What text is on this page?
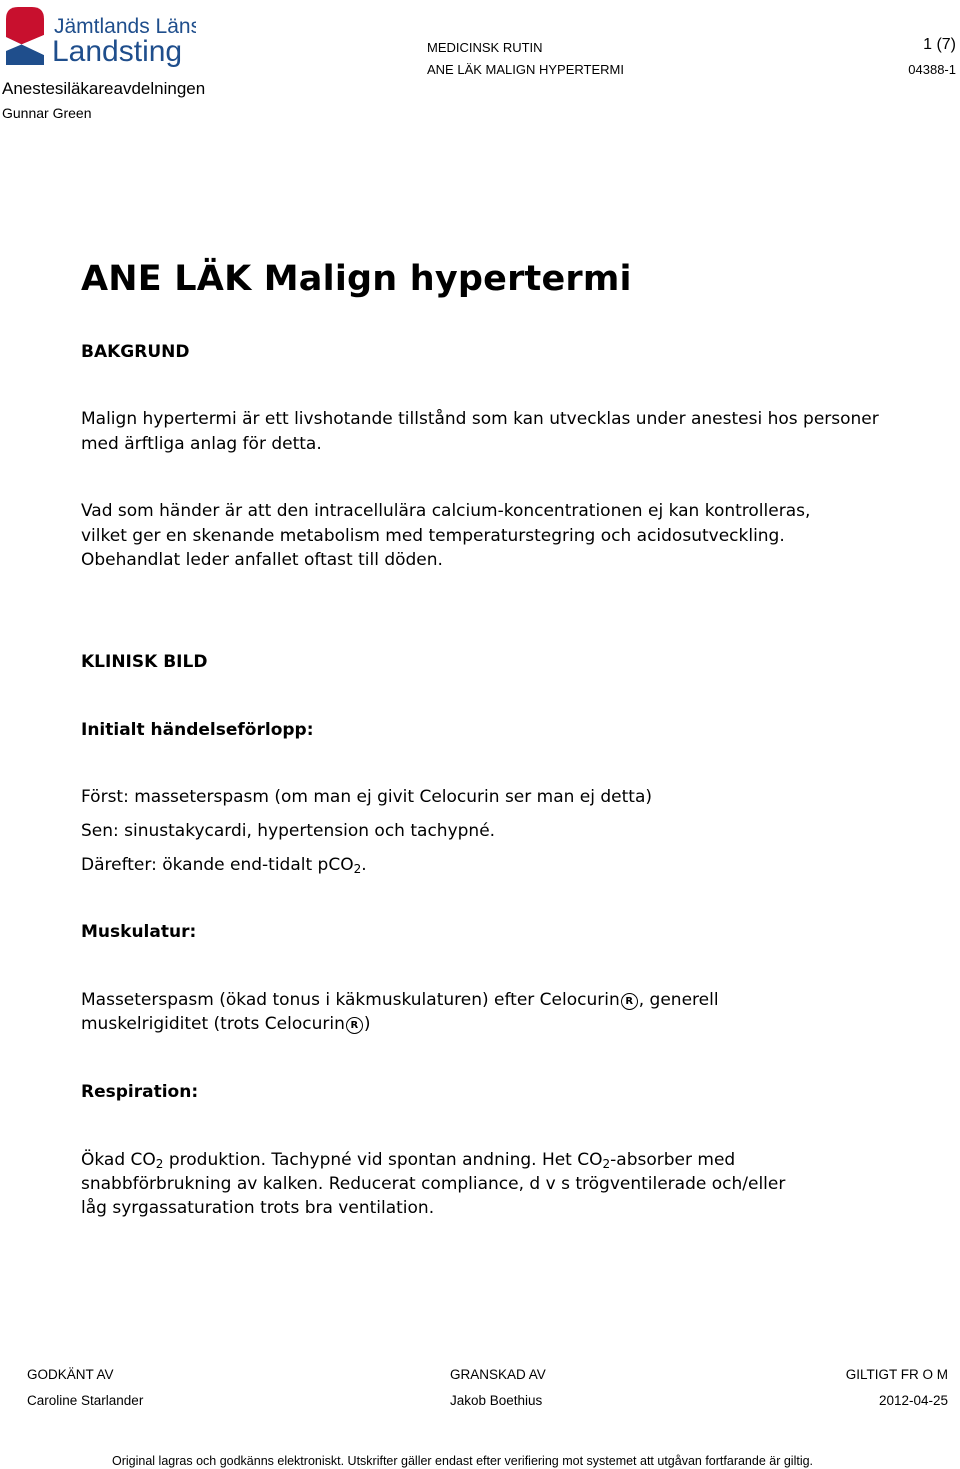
Jämtlands Läns
Landsting
Anestesiläkareavdelningen
Gunnar Green
MEDICINSK RUTIN
ANE LÄK MALIGN HYPERTERMI
1 (7)
04388-1
ANE LÄK Malign hypertermi
BAKGRUND
Malign hypertermi är ett livshotande tillstånd som kan utvecklas under anestesi hos personer med ärftliga anlag för detta.
Vad som händer är att den intracellulära calcium-koncentrationen ej kan kontrolleras, vilket ger en skenande metabolism med temperaturstegring och acidosutveckling. Obehandlat leder anfallet oftast till döden.
KLINISK BILD
Initialt händelseförlopp:
Först: masseterspasm (om man ej givit Celocurin ser man ej detta)
Sen: sinustakycardi, hypertension och tachypné.
Därefter: ökande end-tidalt pCO$_2$.
Muskulatur:
Masseterspasm (ökad tonus i käkmuskulaturen) efter Celocurin R , generell
muskelrigiditet (trots Celocurin R )
Respiration:
Ökad $CO_2$ produktion. Tachypné vid spontan andning. Het $CO_2$-absorber med
snabbförbrukning av kalken. Reducerat compliance, d v s trögventilerade och/eller
låg syrgassaturation trots bra ventilation.
GODKÄNT AV
Caroline Starlander
GRANSKAD AV
Jakob Boethius
GILTIGT FR O M
2012-04-25
Original lagras och godkänns elektroniskt. Utskrifter gäller endast efter verifiering mot systemet att utgåvan fortfarande är giltig.
